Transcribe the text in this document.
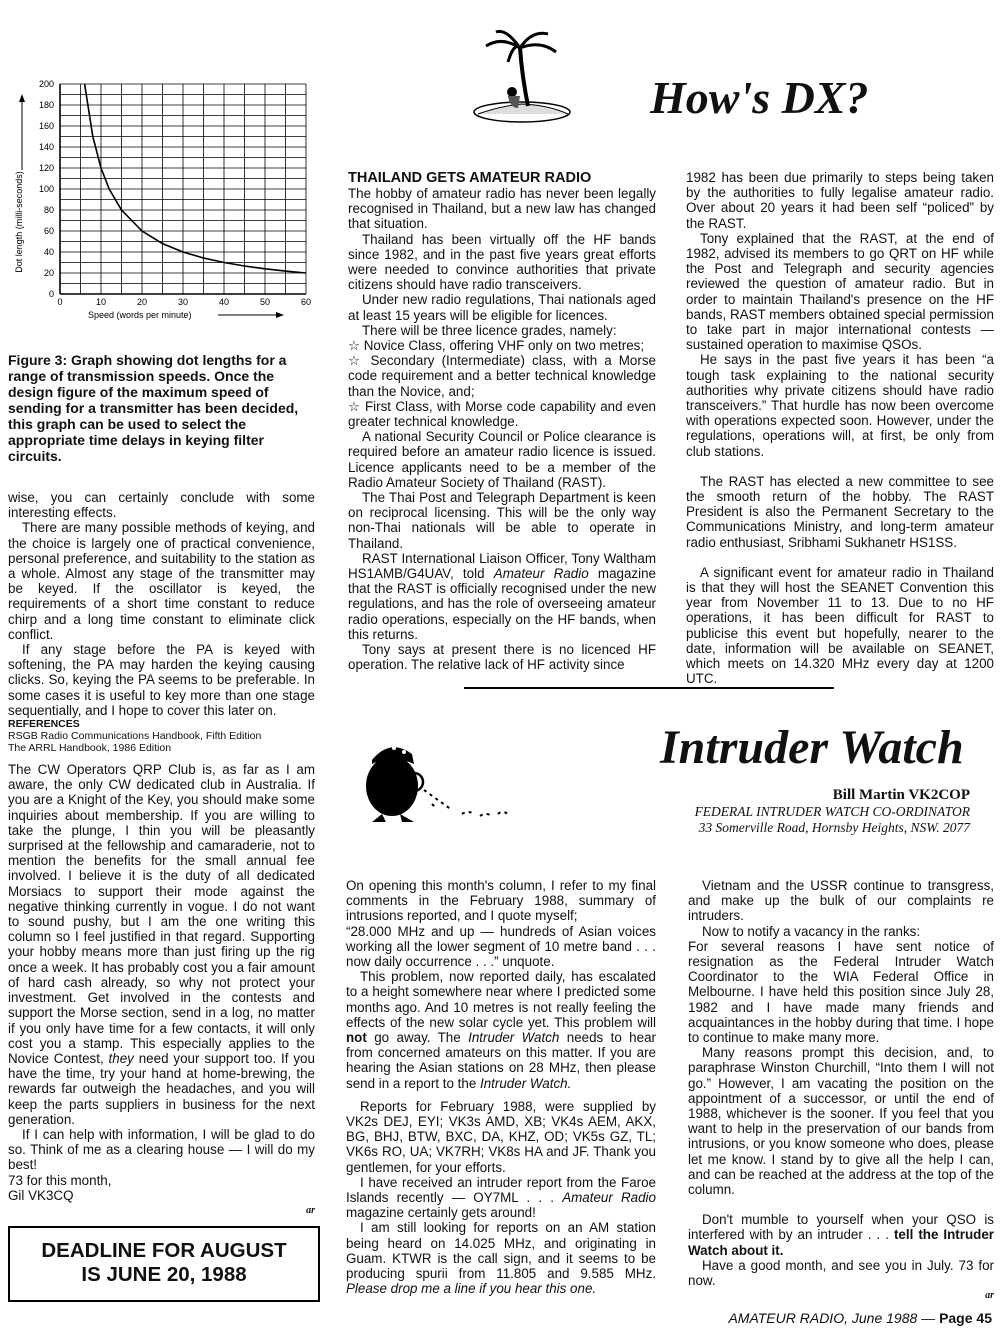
0
20
40
60
80
100
120
140
160
180
200
0	10	20	30	40	50	60
Dot length (milli-seconds)
Speed (words per minute)
Figure 3: Graph showing dot lengths for a range of transmission speeds. Once the design figure of the maximum speed of sending for a transmitter has been decided, this graph can be used to select the appropriate time delays in keying filter circuits.

wise, you can certainly conclude with some interesting effects.

There are many possible methods of keying, and the choice is largely one of practical convenience, personal preference, and suitability to the station as a whole. Almost any stage of the transmitter may be keyed. If the oscillator is keyed, the requirements of a short time constant to reduce chirp and a long time constant to eliminate click conflict.

If any stage before the PA is keyed with softening, the PA may harden the keying causing clicks. So, keying the PA seems to be preferable. In some cases it is useful to key more than one stage sequentially, and I hope to cover this later on.

REFERENCES
RSGB Radio Communications Handbook, Fifth Edition
The ARRL Handbook, 1986 Edition

The CW Operators QRP Club is, as far as I am aware, the only CW dedicated club in Australia. If you are a Knight of the Key, you should make some inquiries about membership. If you are willing to take the plunge, I thin you will be pleasantly surprised at the fellowship and camaraderie, not to mention the benefits for the small annual fee involved. I believe it is the duty of all dedicated Morsiacs to support their mode against the negative thinking currently in vogue. I do not want to sound pushy, but I am the one writing this column so I feel justified in that regard. Supporting your hobby means more than just firing up the rig once a week. It has probably cost you a fair amount of hard cash already, so why not protect your investment. Get involved in the contests and support the Morse section, send in a log, no matter if you only have time for a few contacts, it will only cost you a stamp. This especially applies to the Novice Contest, they need your support too. If you have the time, try your hand at home-brewing, the rewards far outweigh the headaches, and you will keep the parts suppliers in business for the next generation.

If I can help with information, I will be glad to do so. Think of me as a clearing house — I will do my best!

73 for this month,

Gil VK3CQ

ar
DEADLINE FOR AUGUST
IS JUNE 20, 1988
How's DX?
THAILAND GETS AMATEUR RADIO

The hobby of amateur radio has never been legally recognised in Thailand, but a new law has changed that situation.

Thailand has been virtually off the HF bands since 1982, and in the past five years great efforts were needed to convince authorities that private citizens should have radio transceivers.

Under new radio regulations, Thai nationals aged at least 15 years will be eligible for licences.

There will be three licence grades, namely:

☆ Novice Class, offering VHF only on two metres;

☆ Secondary (Intermediate) class, with a Morse code requirement and a better technical knowledge than the Novice, and;

☆ First Class, with Morse code capability and even greater technical knowledge.

A national Security Council or Police clearance is required before an amateur radio licence is issued. Licence applicants need to be a member of the Radio Amateur Society of Thailand (RAST).

The Thai Post and Telegraph Department is keen on reciprocal licensing. This will be the only way non-Thai nationals will be able to operate in Thailand.

RAST International Liaison Officer, Tony Waltham HS1AMB/G4UAV, told Amateur Radio magazine that the RAST is officially recognised under the new regulations, and has the role of overseeing amateur radio operations, especially on the HF bands, when this returns.

Tony says at present there is no licenced HF operation. The relative lack of HF activity since

1982 has been due primarily to steps being taken by the authorities to fully legalise amateur radio. Over about 20 years it had been self “policed” by the RAST.

Tony explained that the RAST, at the end of 1982, advised its members to go QRT on HF while the Post and Telegraph and security agencies reviewed the question of amateur radio. But in order to maintain Thailand's presence on the HF bands, RAST members obtained special permission to take part in major international contests — sustained operation to maximise QSOs.

He says in the past five years it has been “a tough task explaining to the national security authorities why private citizens should have radio transceivers.” That hurdle has now been overcome with operations expected soon. However, under the regulations, operations will, at first, be only from club stations.

The RAST has elected a new committee to see the smooth return of the hobby. The RAST President is also the Permanent Secretary to the Communications Ministry, and long-term amateur radio enthusiast, Sribhami Sukhanetr HS1SS.

A significant event for amateur radio in Thailand is that they will host the SEANET Convention this year from November 11 to 13. Due to no HF operations, it has been difficult for RAST to publicise this event but hopefully, nearer to the date, information will be available on SEANET, which meets on 14.320 MHz every day at 1200 UTC.

Intruder Watch
Bill Martin VK2COP
FEDERAL INTRUDER WATCH CO-ORDINATOR
33 Somerville Road, Hornsby Heights, NSW. 2077

On opening this month's column, I refer to my final comments in the February 1988, summary of intrusions reported, and I quote myself;

“28.000 MHz and up — hundreds of Asian voices working all the lower segment of 10 metre band . . . now daily occurrence . . .” unquote.

This problem, now reported daily, has escalated to a height somewhere near where I predicted some months ago. And 10 metres is not really feeling the effects of the new solar cycle yet. This problem will not go away. The Intruder Watch needs to hear from concerned amateurs on this matter. If you are hearing the Asian stations on 28 MHz, then please send in a report to the Intruder Watch.

Reports for February 1988, were supplied by VK2s DEJ, EYI; VK3s AMD, XB; VK4s AEM, AKX, BG, BHJ, BTW, BXC, DA, KHZ, OD; VK5s GZ, TL; VK6s RO, UA; VK7RH; VK8s HA and JF. Thank you gentlemen, for your efforts.

I have received an intruder report from the Faroe Islands recently — OY7ML . . . Amateur Radio magazine certainly gets around!

I am still looking for reports on an AM station being heard on 14.025 MHz, and originating in Guam. KTWR is the call sign, and it seems to be producing spurii from 11.805 and 9.585 MHz. Please drop me a line if you hear this one.

Vietnam and the USSR continue to transgress, and make up the bulk of our complaints re intruders.

Now to notify a vacancy in the ranks:

For several reasons I have sent notice of resignation as the Federal Intruder Watch Coordinator to the WIA Federal Office in Melbourne. I have held this position since July 28, 1982 and I have made many friends and acquaintances in the hobby during that time. I hope to continue to make many more.

Many reasons prompt this decision, and, to paraphrase Winston Churchill, “Into them I will not go.” However, I am vacating the position on the appointment of a successor, or until the end of 1988, whichever is the sooner. If you feel that you want to help in the preservation of our bands from intrusions, or you know someone who does, please let me know. I stand by to give all the help I can, and can be reached at the address at the top of the column.

Don't mumble to yourself when your QSO is interfered with by an intruder . . . tell the Intruder Watch about it.

Have a good month, and see you in July. 73 for now.

ar
AMATEUR RADIO, June 1988 — Page 45
